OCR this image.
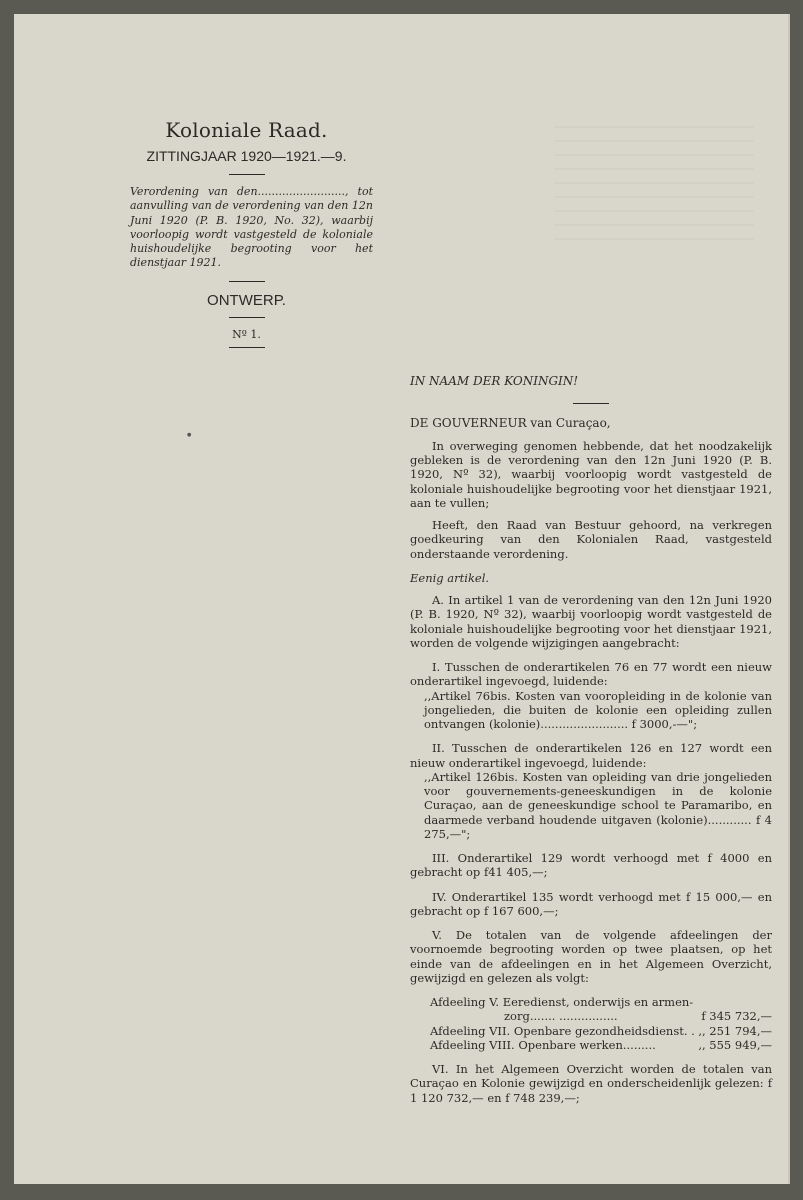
Koloniale Raad.
ZITTINGJAAR 1920—1921.—9.
Verordening van den........................., tot aanvulling van de verordening van den 12n Juni 1920 (P. B. 1920, No. 32), waarbij voorloopig wordt vastgesteld de koloniale huishoudelijke begrooting voor het dienstjaar 1921.
ONTWERP.
Nº 1.
●

IN NAAM DER KONINGIN!

DE GOUVERNEUR van Curaçao,

In overweging genomen hebbende, dat het noodzakelijk gebleken is de verordening van den 12n Juni 1920 (P. B. 1920, Nº 32), waarbij voorloopig wordt vastgesteld de koloniale huishoudelijke begrooting voor het dienstjaar 1921, aan te vullen;

Heeft, den Raad van Bestuur gehoord, na verkregen goedkeuring van den Kolonialen Raad, vastgesteld onderstaande verordening.

Eenig artikel.

A. In artikel 1 van de verordening van den 12n Juni 1920 (P. B. 1920, Nº 32), waarbij voorloopig wordt vastgesteld de koloniale huishoudelijke begrooting voor het dienstjaar 1921, worden de volgende wijzigingen aangebracht:

I. Tusschen de onderartikelen 76 en 77 wordt een nieuw onderartikel ingevoegd, luidende:

,,Artikel 76bis. Kosten van vooropleiding in de kolonie van jongelieden, die buiten de kolonie een opleiding zullen ontvangen (kolonie)........................ f 3000,-—";

II. Tusschen de onderartikelen 126 en 127 wordt een nieuw onderartikel ingevoegd, luidende:

,,Artikel 126bis. Kosten van opleiding van drie jongelieden voor gouvernements-geneeskundigen in de kolonie Curaçao, aan de geneeskundige school te Paramaribo, en daarmede verband houdende uitgaven (kolonie)............ f 4 275,—";

III. Onderartikel 129 wordt verhoogd met f 4000 en gebracht op f41 405,—;

IV. Onderartikel 135 wordt verhoogd met f 15 000,— en gebracht op f 167 600,—;

V. De totalen van de volgende afdeelingen der voornoemde begrooting worden op twee plaatsen, op het einde van de afdeelingen en in het Algemeen Overzicht, gewijzigd en gelezen als volgt:

Afdeeling V. Eeredienst, onderwijs en armen-
zorg....... ................	f 345 732,—
Afdeeling VII. Openbare gezondheidsdienst. . ,, 251 794,—
Afdeeling VIII. Openbare werken.........	,, 555 949,—

VI. In het Algemeen Overzicht worden de totalen van Curaçao en Kolonie gewijzigd en onderscheidenlijk gelezen: f 1 120 732,— en f 748 239,—;
